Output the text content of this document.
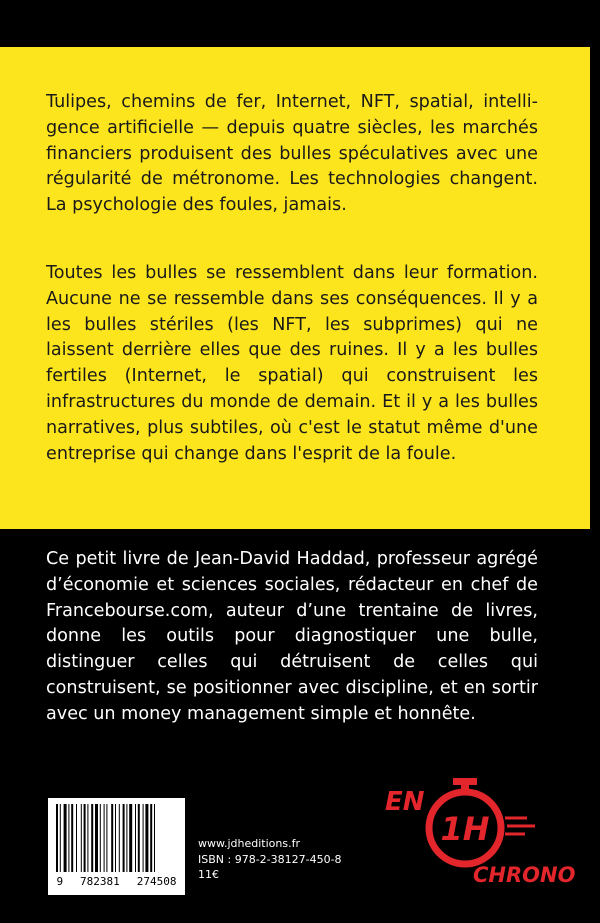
Tulipes, chemins de fer, Internet, NFT, spatial, intelligence artificielle — depuis quatre siècles, les marchés financiers produisent des bulles spéculatives avec une régularité de métronome. Les technologies changent. La psychologie des foules, jamais.

Toutes les bulles se ressemblent dans leur formation. Aucune ne se ressemble dans ses conséquences. Il y a les bulles stériles (les NFT, les subprimes) qui ne laissent derrière elles que des ruines. Il y a les bulles fertiles (Internet, le spatial) qui construisent les infrastructures du monde de demain. Et il y a les bulles narratives, plus subtiles, où c'est le statut même d'une entreprise qui change dans l'esprit de la foule.

Ce petit livre de Jean-David Haddad, professeur agrégé d’économie et sciences sociales, rédacteur en chef de Francebourse.com, auteur d’une trentaine de livres, donne les outils pour diagnostiquer une bulle, distinguer celles qui détruisent de celles qui construisent, se positionner avec discipline, et en sortir avec un money management simple et honnête.

9 782381 274508
www.jdheditions.fr
ISBN : 978-2-38127-450-8
11€
EN
1H
CHRONO
